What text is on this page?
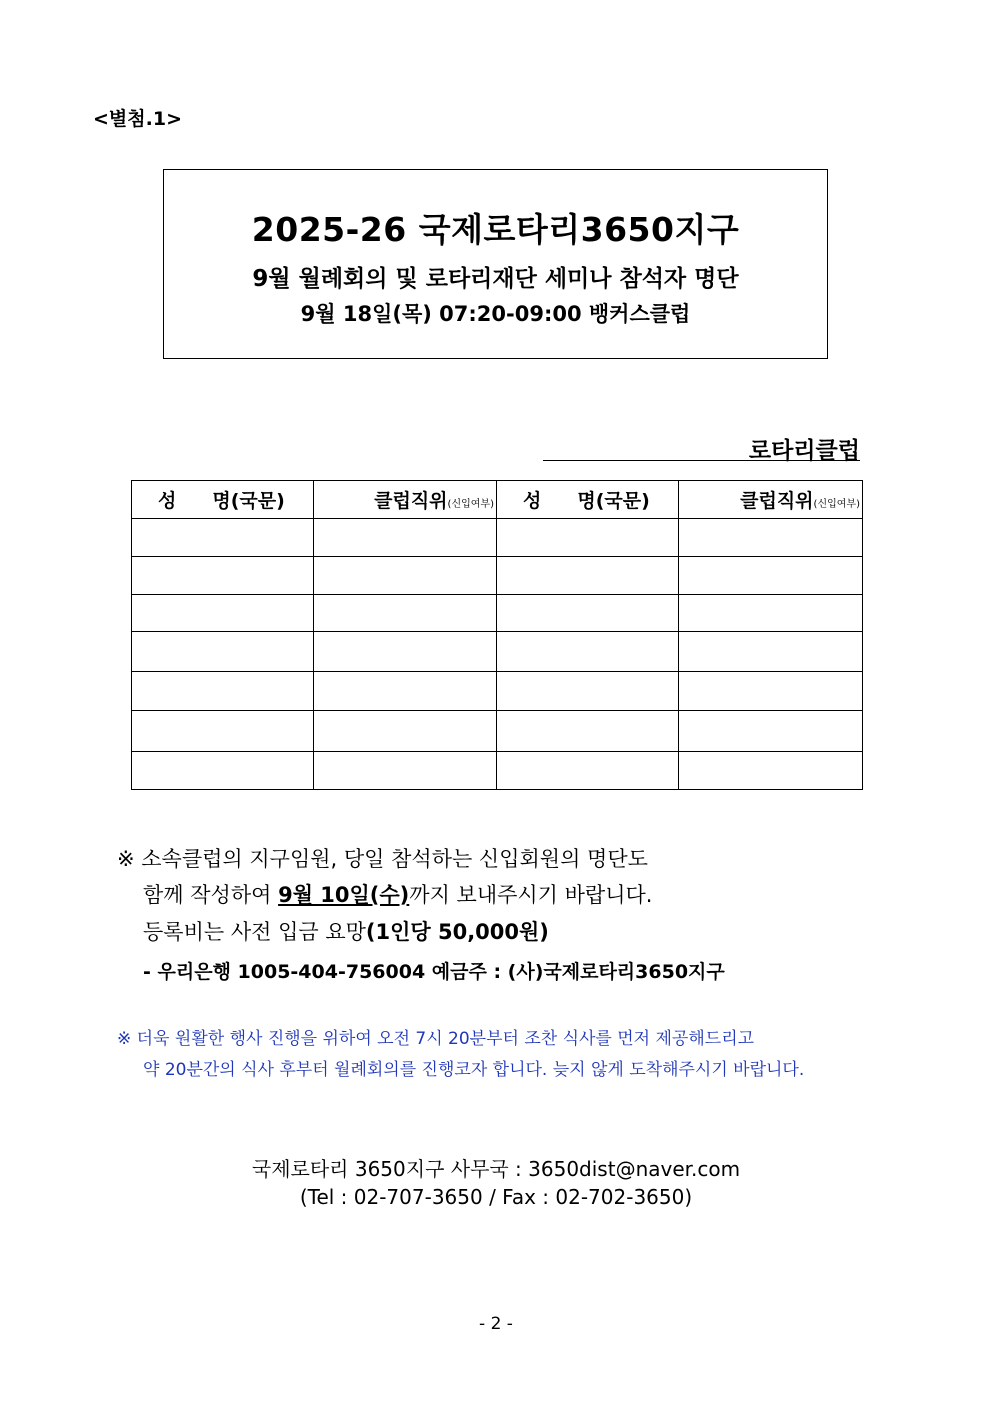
<별첨.1>
2025-26 국제로타리3650지구
9월 월례회의 및 로타리재단 세미나 참석자 명단
9월 18일(목) 07:20-09:00 뱅커스클럽
로타리클럽
성 명(국문)	클럽직위(신입여부)	성 명(국문)	클럽직위(신입여부)

※ 소속클럽의 지구임원, 당일 참석하는 신입회원의 명단도
함께 작성하여 9월 10일(수)까지 보내주시기 바랍니다.
등록비는 사전 입금 요망(1인당 50,000원)
- 우리은행 1005-404-756004 예금주 : (사)국제로타리3650지구
※ 더욱 원활한 행사 진행을 위하여 오전 7시 20분부터 조찬 식사를 먼저 제공해드리고
약 20분간의 식사 후부터 월례회의를 진행코자 합니다. 늦지 않게 도착해주시기 바랍니다.
국제로타리 3650지구 사무국 : 3650dist@naver.com
(Tel : 02-707-3650 / Fax : 02-702-3650)
- 2 -
